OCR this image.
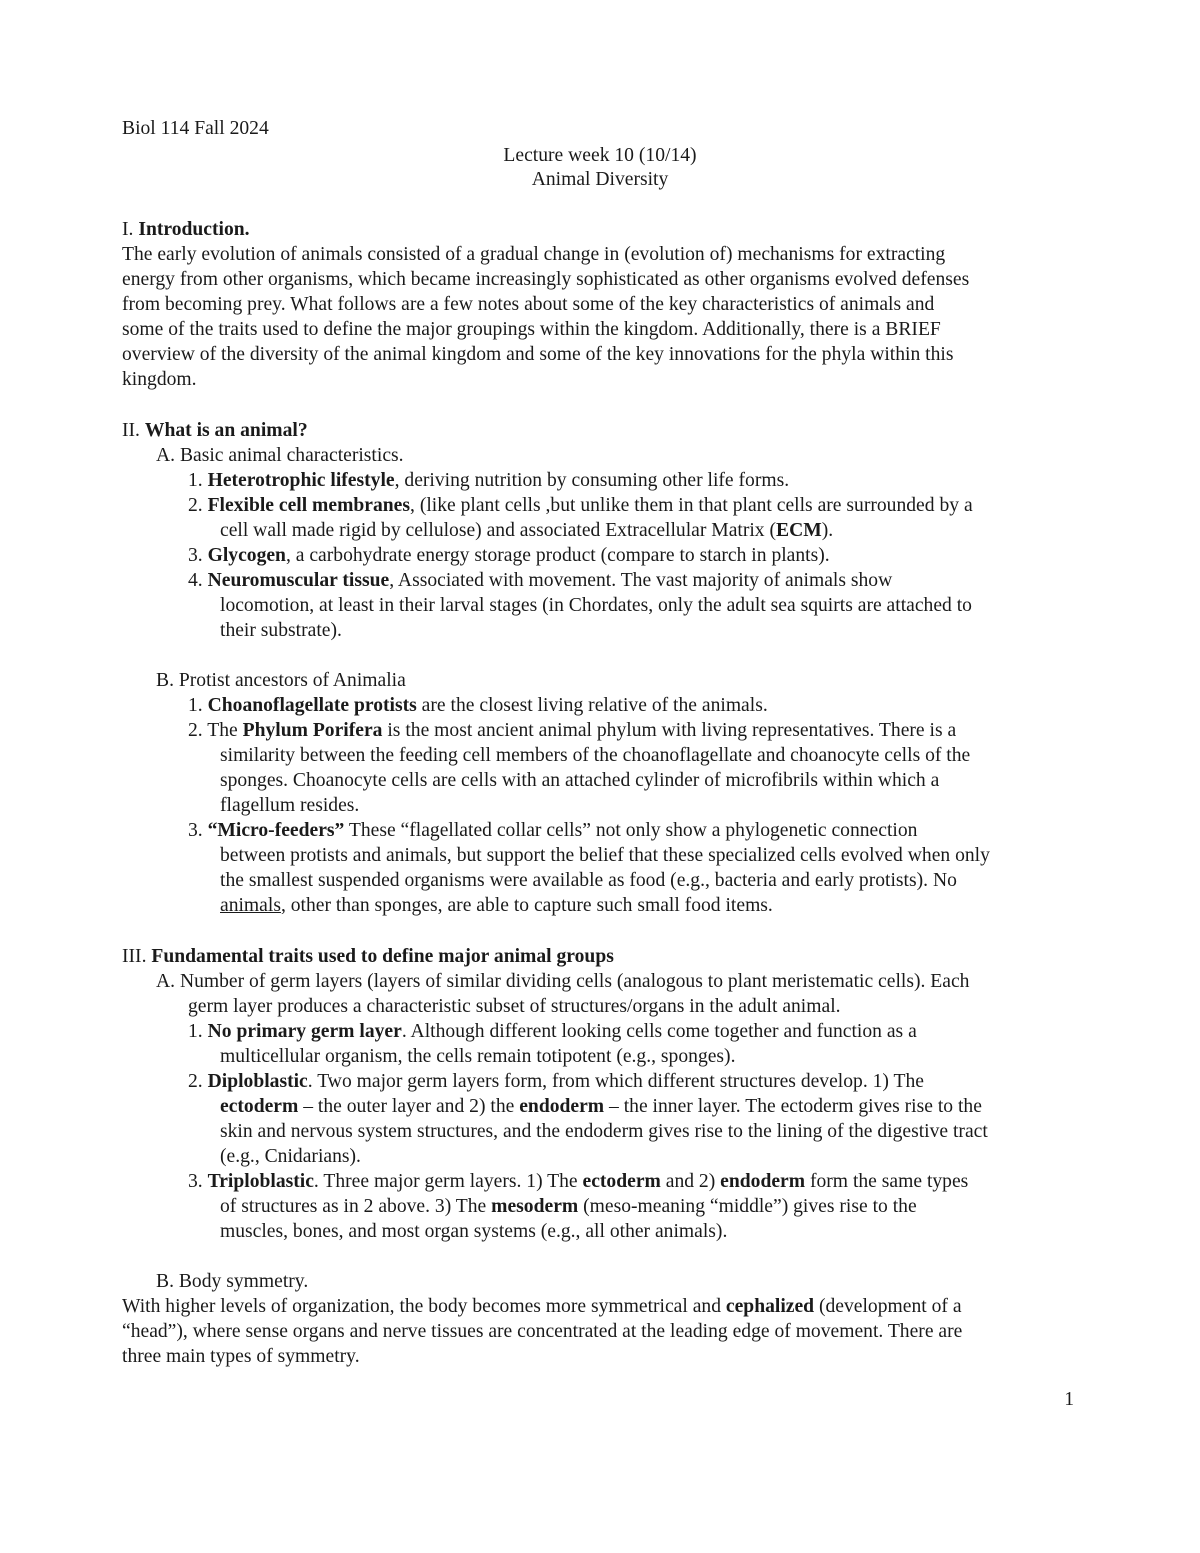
Biol 114 Fall 2024
Lecture week 10 (10/14)
Animal Diversity
I. Introduction.
The early evolution of animals consisted of a gradual change in (evolution of) mechanisms for extracting
energy from other organisms, which became increasingly sophisticated as other organisms evolved defenses
from becoming prey. What follows are a few notes about some of the key characteristics of animals and
some of the traits used to define the major groupings within the kingdom. Additionally, there is a BRIEF
overview of the diversity of the animal kingdom and some of the key innovations for the phyla within this
kingdom.
II. What is an animal?
A. Basic animal characteristics.
1. Heterotrophic lifestyle, deriving nutrition by consuming other life forms.
2. Flexible cell membranes, (like plant cells ,but unlike them in that plant cells are surrounded by a
cell wall made rigid by cellulose) and associated Extracellular Matrix (ECM).
3. Glycogen, a carbohydrate energy storage product (compare to starch in plants).
4. Neuromuscular tissue, Associated with movement. The vast majority of animals show
locomotion, at least in their larval stages (in Chordates, only the adult sea squirts are attached to
their substrate).
B. Protist ancestors of Animalia
1. Choanoflagellate protists are the closest living relative of the animals.
2. The Phylum Porifera is the most ancient animal phylum with living representatives. There is a
similarity between the feeding cell members of the choanoflagellate and choanocyte cells of the
sponges. Choanocyte cells are cells with an attached cylinder of microfibrils within which a
flagellum resides.
3. “Micro-feeders” These “flagellated collar cells” not only show a phylogenetic connection
between protists and animals, but support the belief that these specialized cells evolved when only
the smallest suspended organisms were available as food (e.g., bacteria and early protists). No
animals, other than sponges, are able to capture such small food items.
III. Fundamental traits used to define major animal groups
A. Number of germ layers (layers of similar dividing cells (analogous to plant meristematic cells). Each
germ layer produces a characteristic subset of structures/organs in the adult animal.
1. No primary germ layer. Although different looking cells come together and function as a
multicellular organism, the cells remain totipotent (e.g., sponges).
2. Diploblastic. Two major germ layers form, from which different structures develop. 1) The
ectoderm – the outer layer and 2) the endoderm – the inner layer. The ectoderm gives rise to the
skin and nervous system structures, and the endoderm gives rise to the lining of the digestive tract
(e.g., Cnidarians).
3. Triploblastic. Three major germ layers. 1) The ectoderm and 2) endoderm form the same types
of structures as in 2 above. 3) The mesoderm (meso-meaning “middle”) gives rise to the
muscles, bones, and most organ systems (e.g., all other animals).
B. Body symmetry.
With higher levels of organization, the body becomes more symmetrical and cephalized (development of a
“head”), where sense organs and nerve tissues are concentrated at the leading edge of movement. There are
three main types of symmetry.
1
